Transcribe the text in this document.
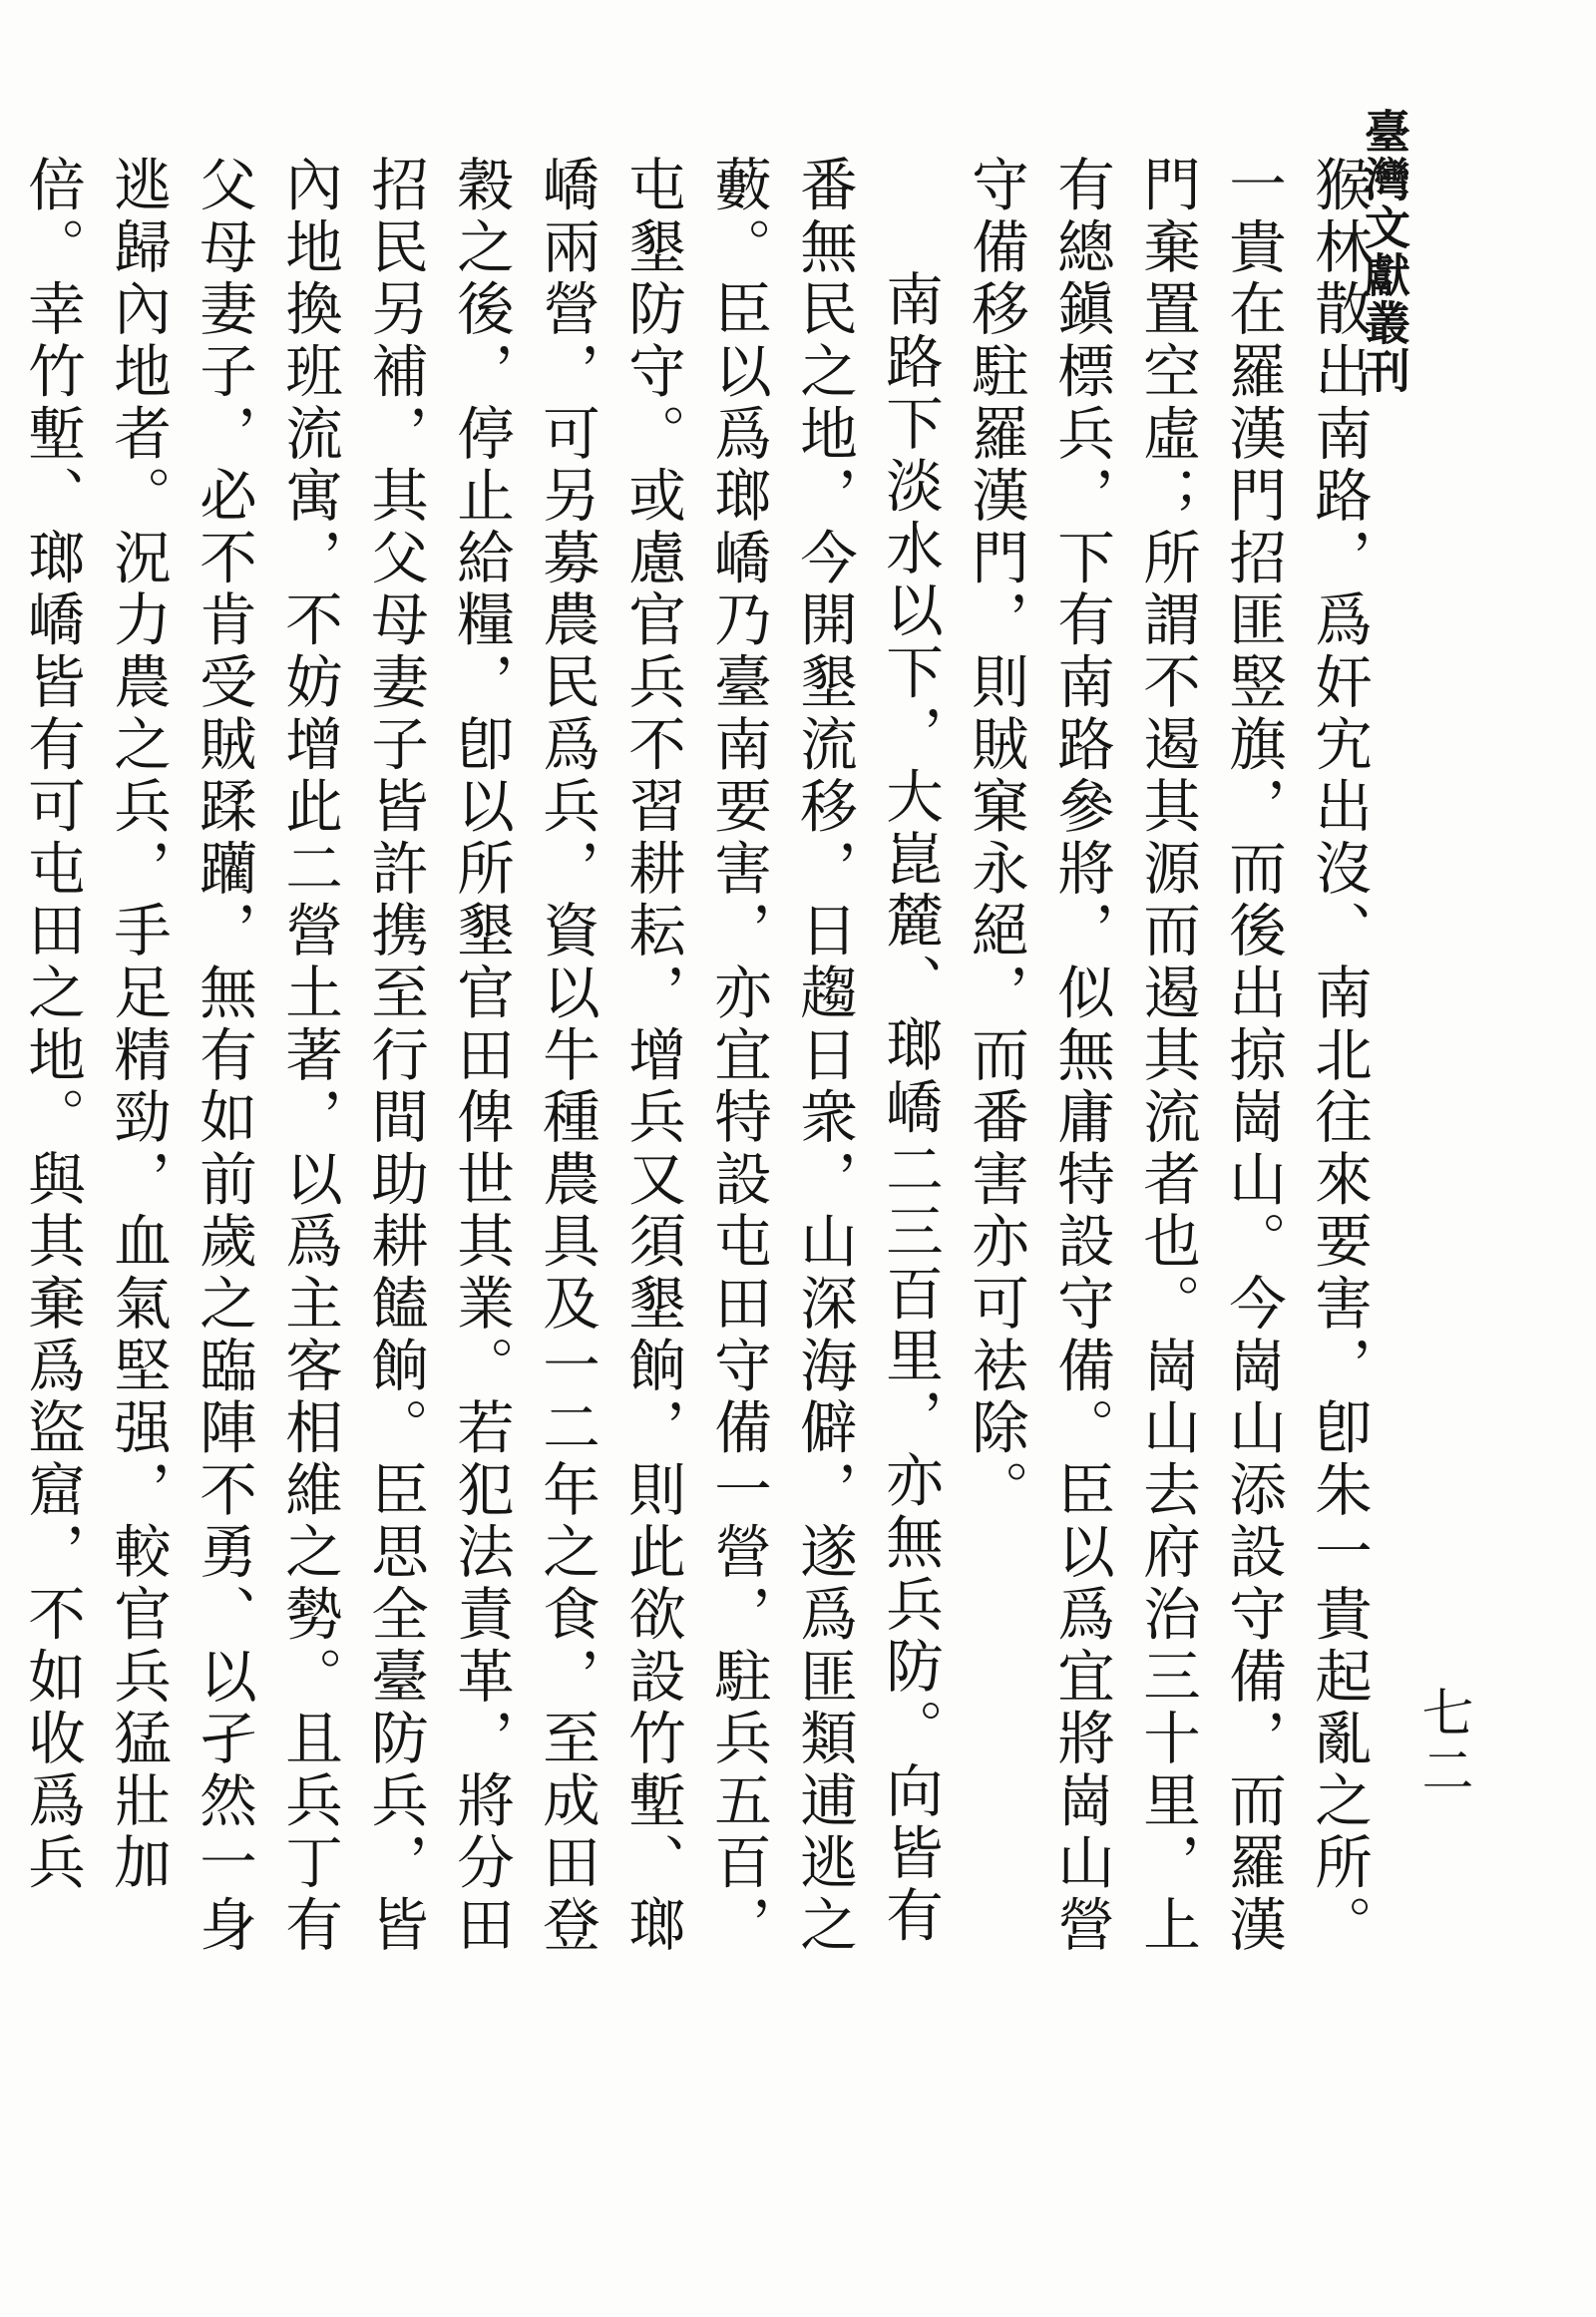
臺灣文獻叢刊
七二

猴林散出南路，爲奸宄出沒、南北往來要害，卽朱一貴起亂之所。一貴在羅漢門招匪竪旗，而後出掠崗山。今崗山添設守備，而羅漢門棄置空虛；所謂不遏其源而遏其流者也。崗山去府治三十里，上有總鎭標兵，下有南路參將，似無庸特設守備。臣以爲宜將崗山營守備移駐羅漢門，則賊窠永絕，而番害亦可袪除。

南路下淡水以下，大崑麓、瑯嶠二三百里，亦無兵防。向皆有番無民之地，今開墾流移，日趨日衆，山深海僻，遂爲匪類逋逃之藪。臣以爲瑯嶠乃臺南要害，亦宜特設屯田守備一營，駐兵五百，屯墾防守。或慮官兵不習耕耘，增兵又須墾餉，則此欲設竹塹、瑯嶠兩營，可另募農民爲兵，資以牛種農具及一二年之食，至成田登穀之後，停止給糧，卽以所墾官田俾世其業。若犯法責革，將分田招民另補，其父母妻子皆許携至行間助耕饁餉。臣思全臺防兵，皆內地換班流寓，不妨增此二營土著，以爲主客相維之勢。且兵丁有父母妻子，必不肯受賊蹂躪，無有如前歲之臨陣不勇、以孑然一身逃歸內地者。況力農之兵，手足精勁，血氣堅强，較官兵猛壯加倍。幸竹塹、瑯嶠皆有可屯田之地。與其棄爲盜窟，不如收爲兵
